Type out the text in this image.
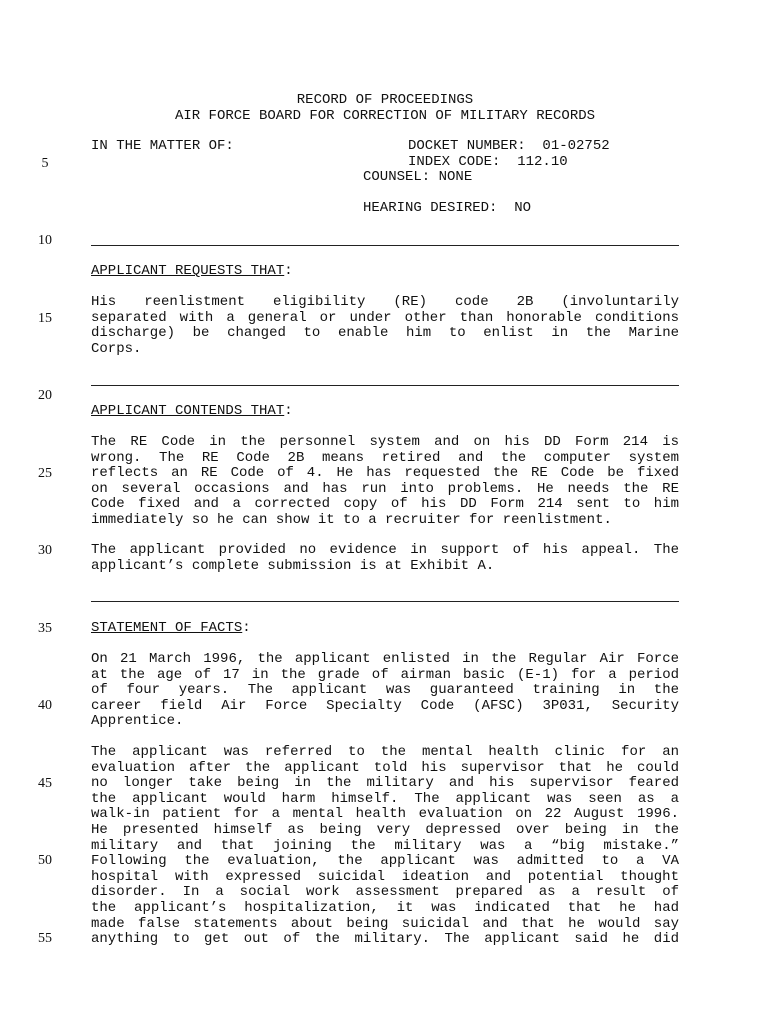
5
10
15
20
25
30
35
40
45
50
55
RECORD OF PROCEEDINGS
AIR FORCE BOARD FOR CORRECTION OF MILITARY RECORDS
IN THE MATTER OF:	DOCKET NUMBER:  01-02752
INDEX CODE:  112.10
COUNSEL: NONE
HEARING DESIRED:  NO
APPLICANT REQUESTS THAT:
His reenlistment eligibility (RE) code 2B (involuntarily
separated with a general or under other than honorable conditions
discharge) be changed to enable him to enlist in the Marine
Corps.
APPLICANT CONTENDS THAT:
The RE Code in the personnel system and on his DD Form 214 is
wrong. The RE Code 2B means retired and the computer system
reflects an RE Code of 4. He has requested the RE Code be fixed
on several occasions and has run into problems. He needs the RE
Code fixed and a corrected copy of his DD Form 214 sent to him
immediately so he can show it to a recruiter for reenlistment.
The applicant provided no evidence in support of his appeal. The
applicant’s complete submission is at Exhibit A.
STATEMENT OF FACTS:
On 21 March 1996, the applicant enlisted in the Regular Air Force
at the age of 17 in the grade of airman basic (E-1) for a period
of four years. The applicant was guaranteed training in the
career field Air Force Specialty Code (AFSC) 3P031, Security
Apprentice.
The applicant was referred to the mental health clinic for an
evaluation after the applicant told his supervisor that he could
no longer take being in the military and his supervisor feared
the applicant would harm himself. The applicant was seen as a
walk-in patient for a mental health evaluation on 22 August 1996.
He presented himself as being very depressed over being in the
military and that joining the military was a “big mistake.”
Following the evaluation, the applicant was admitted to a VA
hospital with expressed suicidal ideation and potential thought
disorder. In a social work assessment prepared as a result of
the applicant’s hospitalization, it was indicated that he had
made false statements about being suicidal and that he would say
anything to get out of the military. The applicant said he did
